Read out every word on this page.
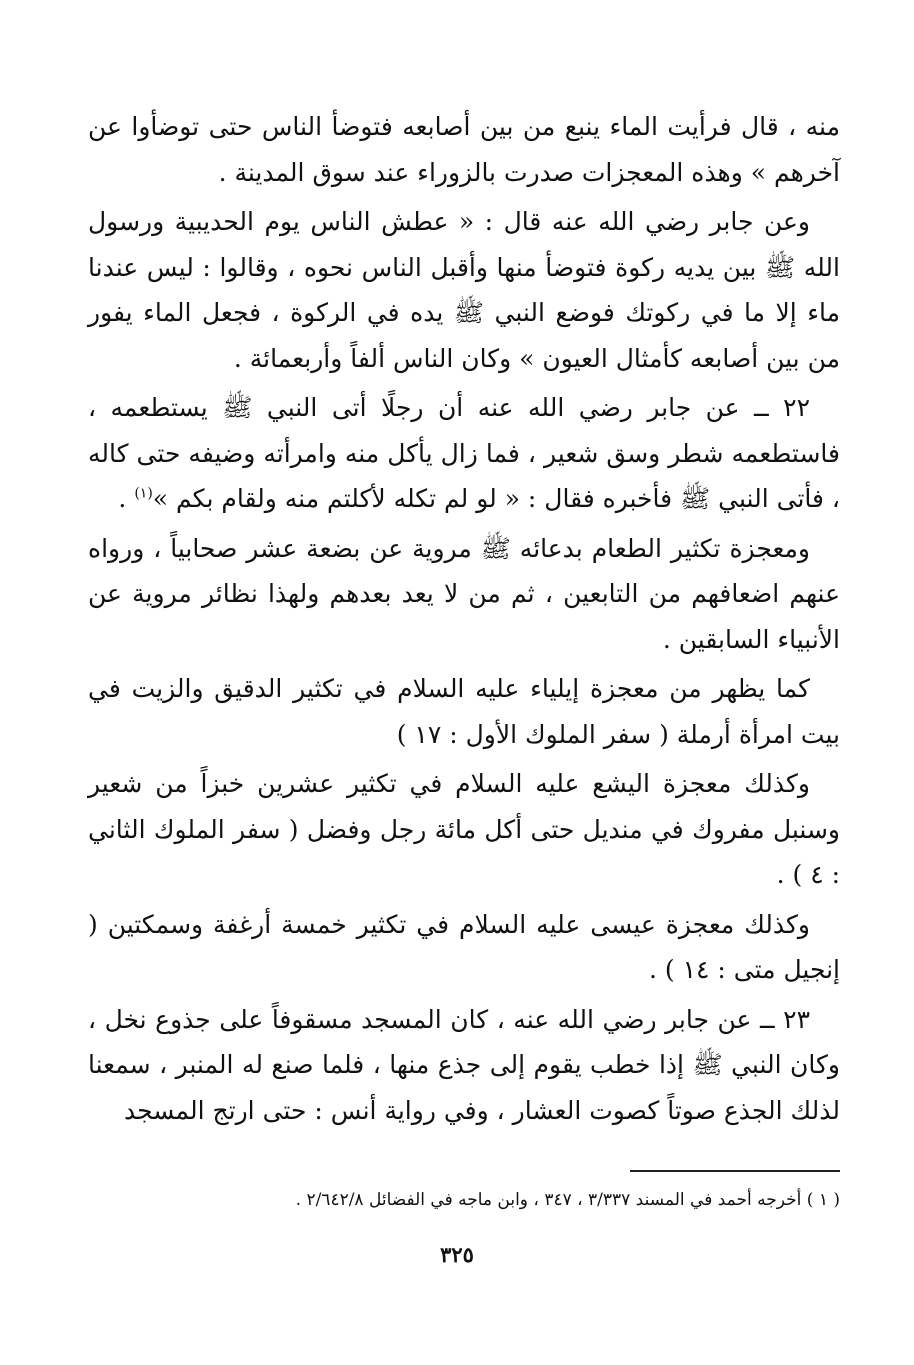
منه ، قال فرأيت الماء ينبع من بين أصابعه فتوضأ الناس حتى توضأوا عن آخرهم » وهذه المعجزات صدرت بالزوراء عند سوق المدينة .

وعن جابر رضي الله عنه قال : « عطش الناس يوم الحديبية ورسول الله ﷺ بين يديه ركوة فتوضأ منها وأقبل الناس نحوه ، وقالوا : ليس عندنا ماء إلا ما في ركوتك فوضع النبي ﷺ يده في الركوة ، فجعل الماء يفور من بين أصابعه كأمثال العيون » وكان الناس ألفاً وأربعمائة .

٢٢ ــ عن جابر رضي الله عنه أن رجلًا أتى النبي ﷺ يستطعمه ، فاستطعمه شطر وسق شعير ، فما زال يأكل منه وامرأته وضيفه حتى كاله ، فأتى النبي ﷺ فأخبره فقال : « لو لم تكله لأكلتم منه ولقام بكم »$^{(١)}$ .

ومعجزة تكثير الطعام بدعائه ﷺ مروية عن بضعة عشر صحابياً ، ورواه عنهم اضعافهم من التابعين ، ثم من لا يعد بعدهم ولهذا نظائر مروية عن الأنبياء السابقين .

كما يظهر من معجزة إيلياء عليه السلام في تكثير الدقيق والزيت في بيت امرأة أرملة ( سفر الملوك الأول : ١٧ )

وكذلك معجزة اليشع عليه السلام في تكثير عشرين خبزاً من شعير وسنبل مفروك في منديل حتى أكل مائة رجل وفضل ( سفر الملوك الثاني : ٤ ) .

وكذلك معجزة عيسى عليه السلام في تكثير خمسة أرغفة وسمكتين ( إنجيل متى : ١٤ ) .

٢٣ ــ عن جابر رضي الله عنه ، كان المسجد مسقوفاً على جذوع نخل ، وكان النبي ﷺ إذا خطب يقوم إلى جذع منها ، فلما صنع له المنبر ، سمعنا لذلك الجذع صوتاً كصوت العشار ، وفي رواية أنس : حتى ارتج المسجد

( ١ ) أخرجه أحمد في المسند ٣/٣٣٧ ، ٣٤٧ ، وابن ماجه في الفضائل ٢/٦٤٢/٨ .
٣٢٥
